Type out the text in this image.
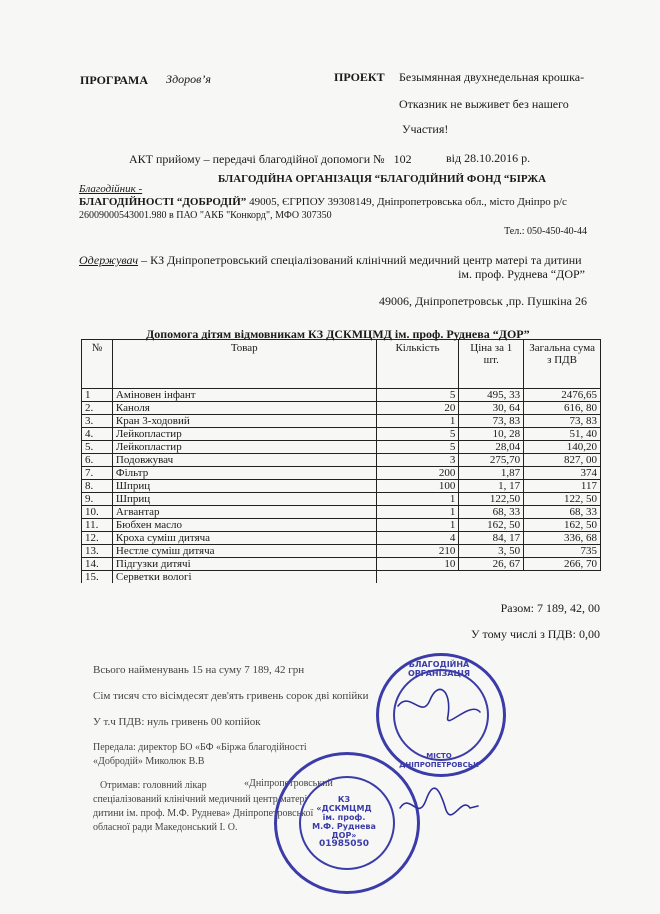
ПРОГРАМА Здоров’я	ПРОЕКТ Безымянная двухнедельная крошка-
Отказник не выживет без нашего
Участия!
АКТ прийому – передачі благодійної допомоги № 102	від 28.10.2016 р.
Благодійник -
БЛАГОДІЙНА ОРГАНІЗАЦІЯ “БЛАГОДІЙНИЙ ФОНД “БІРЖА
БЛАГОДІЙНОСТІ “ДОБРОДІЙ” 49005, ЄГРПОУ 39308149, Дніпропетровська обл., місто Дніпро р/с
26009000543001.980 в ПАО "АКБ "Конкорд", МФО 307350
Тел.: 050-450-40-44
Одержувач – КЗ Дніпропетровський спеціалізований клінічний медичний центр матері та дитини
ім. проф. Руднева “ДОР”
49006, Дніпропетровськ ,пр. Пушкіна 26
Допомога дітям відмовникам КЗ ДСКМЦМД ім. проф. Руднева “ДОР”
№	Товар	Кількість	Ціна за 1 шт.	Загальна сума з ПДВ
1	Аміновен інфант	5	495, 33	2476,65
2.	Каноля	20	30, 64	616, 80
3.	Кран 3-ходовий	1	73, 83	73, 83
4.	Лейкопластир	5	10, 28	51, 40
5.	Лейкопластир	5	28,04	140,20
6.	Подовжувач	3	275,70	827, 00
7.	Фільтр	200	1,87	374
8.	Шприц	100	1, 17	117
9.	Шприц	1	122,50	122, 50
10.	Агвантар	1	68, 33	68, 33
11.	Бюбхен масло	1	162, 50	162, 50
12.	Крохa суміш дитяча	4	84, 17	336, 68
13.	Нестле суміш дитяча	210	3, 50	735
14.	Підгузки дитячі	10	26, 67	266, 70
15.	Серветки вологі			
Разом: 7 189, 42, 00
У тому числі з ПДВ: 0,00
Всього найменувань 15 на суму 7 189, 42 грн
Сім тисяч сто вісімдесят дев'ять гривень сорок дві копійки
У т.ч ПДВ: нуль гривень 00 копійок
Передала: директор БО «БФ «Біржа благодійності
«Добродій» Миколюк В.В
Отримав: головний лікар	«Дніпропетровський
спеціалізований клінічний медичний центр матері
дитини ім. проф. М.Ф. Руднева» Дніпропетровської
обласної ради Македонський І. О.
БЛАГОДІЙНА ОРГАНІЗАЦІЯ
МІСТО ДНІПРОПЕТРОВСЬК
КЗ «ДСКМЦМД
ім. проф.
М.Ф. Руднева
ДОР»
01985050
